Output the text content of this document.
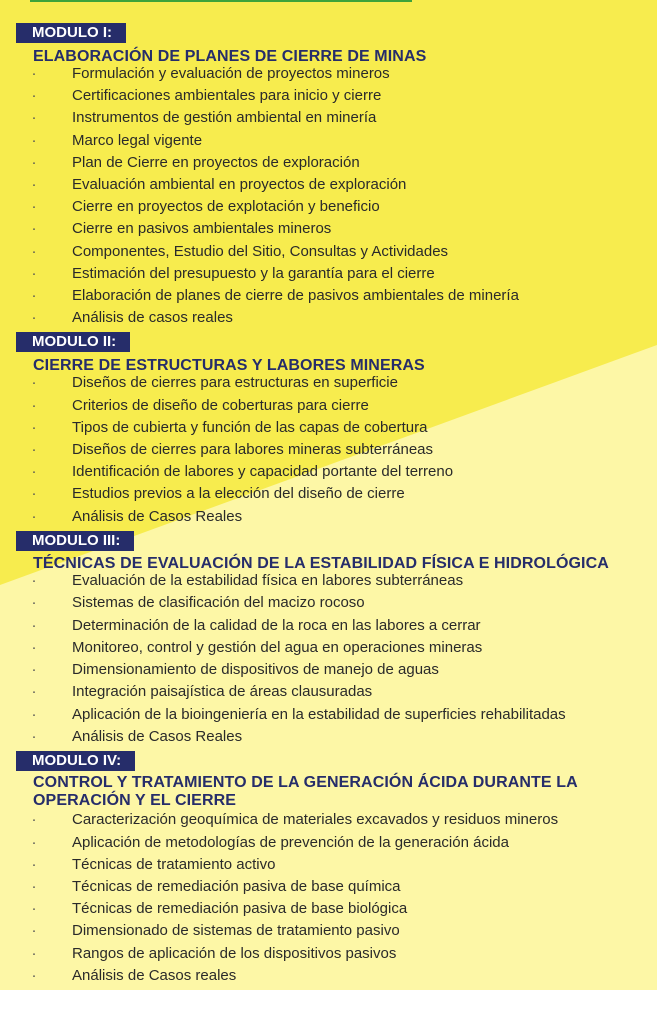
MODULO I:
ELABORACIÓN DE PLANES DE CIERRE DE MINAS
· Formulación y evaluación de proyectos mineros
· Certificaciones ambientales para inicio y cierre
· Instrumentos de gestión ambiental en minería
· Marco legal vigente
· Plan de Cierre en proyectos de exploración
· Evaluación ambiental en proyectos de exploración
· Cierre en proyectos de explotación y beneficio
· Cierre en pasivos ambientales mineros
· Componentes, Estudio del Sitio, Consultas y Actividades
· Estimación del presupuesto y la garantía para el cierre
· Elaboración de planes de cierre de pasivos ambientales de minería
· Análisis de casos reales
MODULO II:
CIERRE DE ESTRUCTURAS Y LABORES MINERAS
· Diseños de cierres para estructuras en superficie
· Criterios de diseño de coberturas para cierre
· Tipos de cubierta y función de las capas de cobertura
· Diseños de cierres para labores mineras subterráneas
· Identificación de labores y capacidad portante del terreno
· Estudios previos a la elección del diseño de cierre
· Análisis de Casos Reales
MODULO III:
TÉCNICAS DE EVALUACIÓN DE LA ESTABILIDAD FÍSICA E HIDROLÓGICA
· Evaluación de la estabilidad física en labores subterráneas
· Sistemas de clasificación del macizo rocoso
· Determinación de la calidad de la roca en las labores a cerrar
· Monitoreo, control y gestión del agua en operaciones mineras
· Dimensionamiento de dispositivos de manejo de aguas
· Integración paisajística de áreas clausuradas
· Aplicación de la bioingeniería en la estabilidad de superficies rehabilitadas
· Análisis de Casos Reales
MODULO IV:
CONTROL Y TRATAMIENTO DE LA GENERACIÓN ÁCIDA DURANTE LA
OPERACIÓN Y EL CIERRE
· Caracterización geoquímica de materiales excavados y residuos mineros
· Aplicación de metodologías de prevención de la generación ácida
· Técnicas de tratamiento activo
· Técnicas de remediación pasiva de base química
· Técnicas de remediación pasiva de base biológica
· Dimensionado de sistemas de tratamiento pasivo
· Rangos de aplicación de los dispositivos pasivos
· Análisis de Casos reales
